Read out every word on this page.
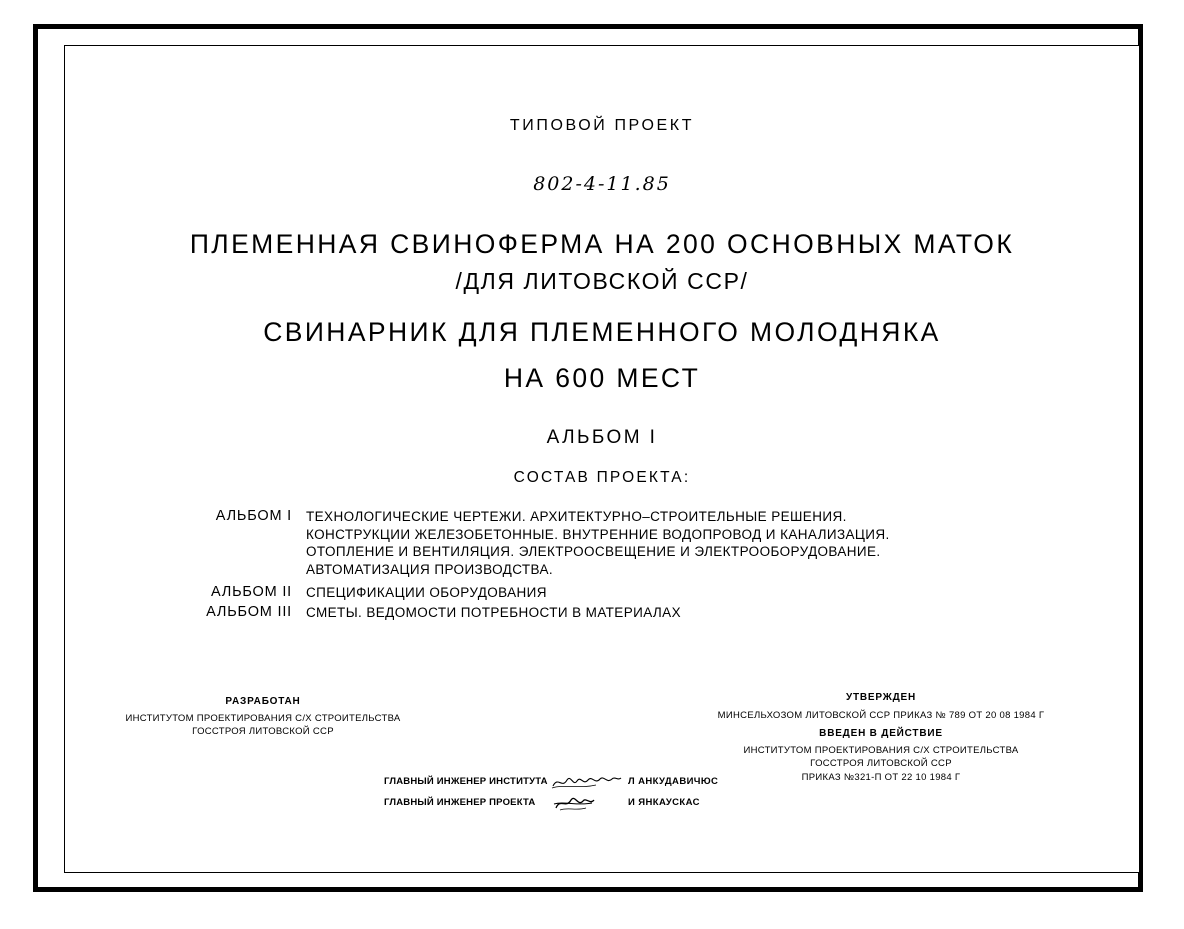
ТИПОВОЙ ПРОЕКТ
802-4-11.85
ПЛЕМЕННАЯ СВИНОФЕРМА НА 200 ОСНОВНЫХ МАТОК
/ДЛЯ ЛИТОВСКОЙ ССР/
СВИНАРНИК ДЛЯ ПЛЕМЕННОГО МОЛОДНЯКА
НА 600 МЕСТ
АЛЬБОМ I
СОСТАВ ПРОЕКТА:
АЛЬБОМ I	ТЕХНОЛОГИЧЕСКИЕ ЧЕРТЕЖИ. АРХИТЕКТУРНО–СТРОИТЕЛЬНЫЕ РЕШЕНИЯ.
КОНСТРУКЦИИ ЖЕЛЕЗОБЕТОННЫЕ. ВНУТРЕННИЕ ВОДОПРОВОД И КАНАЛИЗАЦИЯ.
ОТОПЛЕНИЕ И ВЕНТИЛЯЦИЯ. ЭЛЕКТРООСВЕЩЕНИЕ И ЭЛЕКТРООБОРУДОВАНИЕ.
АВТОМАТИЗАЦИЯ ПРОИЗВОДСТВА.
АЛЬБОМ II	СПЕЦИФИКАЦИИ ОБОРУДОВАНИЯ
АЛЬБОМ III	СМЕТЫ. ВЕДОМОСТИ ПОТРЕБНОСТИ В МАТЕРИАЛАХ
РАЗРАБОТАН
ИНСТИТУТОМ ПРОЕКТИРОВАНИЯ С/Х СТРОИТЕЛЬСТВА
ГОССТРОЯ ЛИТОВСКОЙ ССР
УТВЕРЖДЕН
МИНСЕЛЬХОЗОМ ЛИТОВСКОЙ ССР ПРИКАЗ № 789 ОТ 20 08 1984 Г
ВВЕДЕН В ДЕЙСТВИЕ
ИНСТИТУТОМ ПРОЕКТИРОВАНИЯ С/Х СТРОИТЕЛЬСТВА
ГОССТРОЯ ЛИТОВСКОЙ ССР
ПРИКАЗ №321-П ОТ 22 10 1984 Г
ГЛАВНЫЙ ИНЖЕНЕР ИНСТИТУТА	Л АНКУДАВИЧЮС
ГЛАВНЫЙ ИНЖЕНЕР ПРОЕКТА	И ЯНКАУСКАС
